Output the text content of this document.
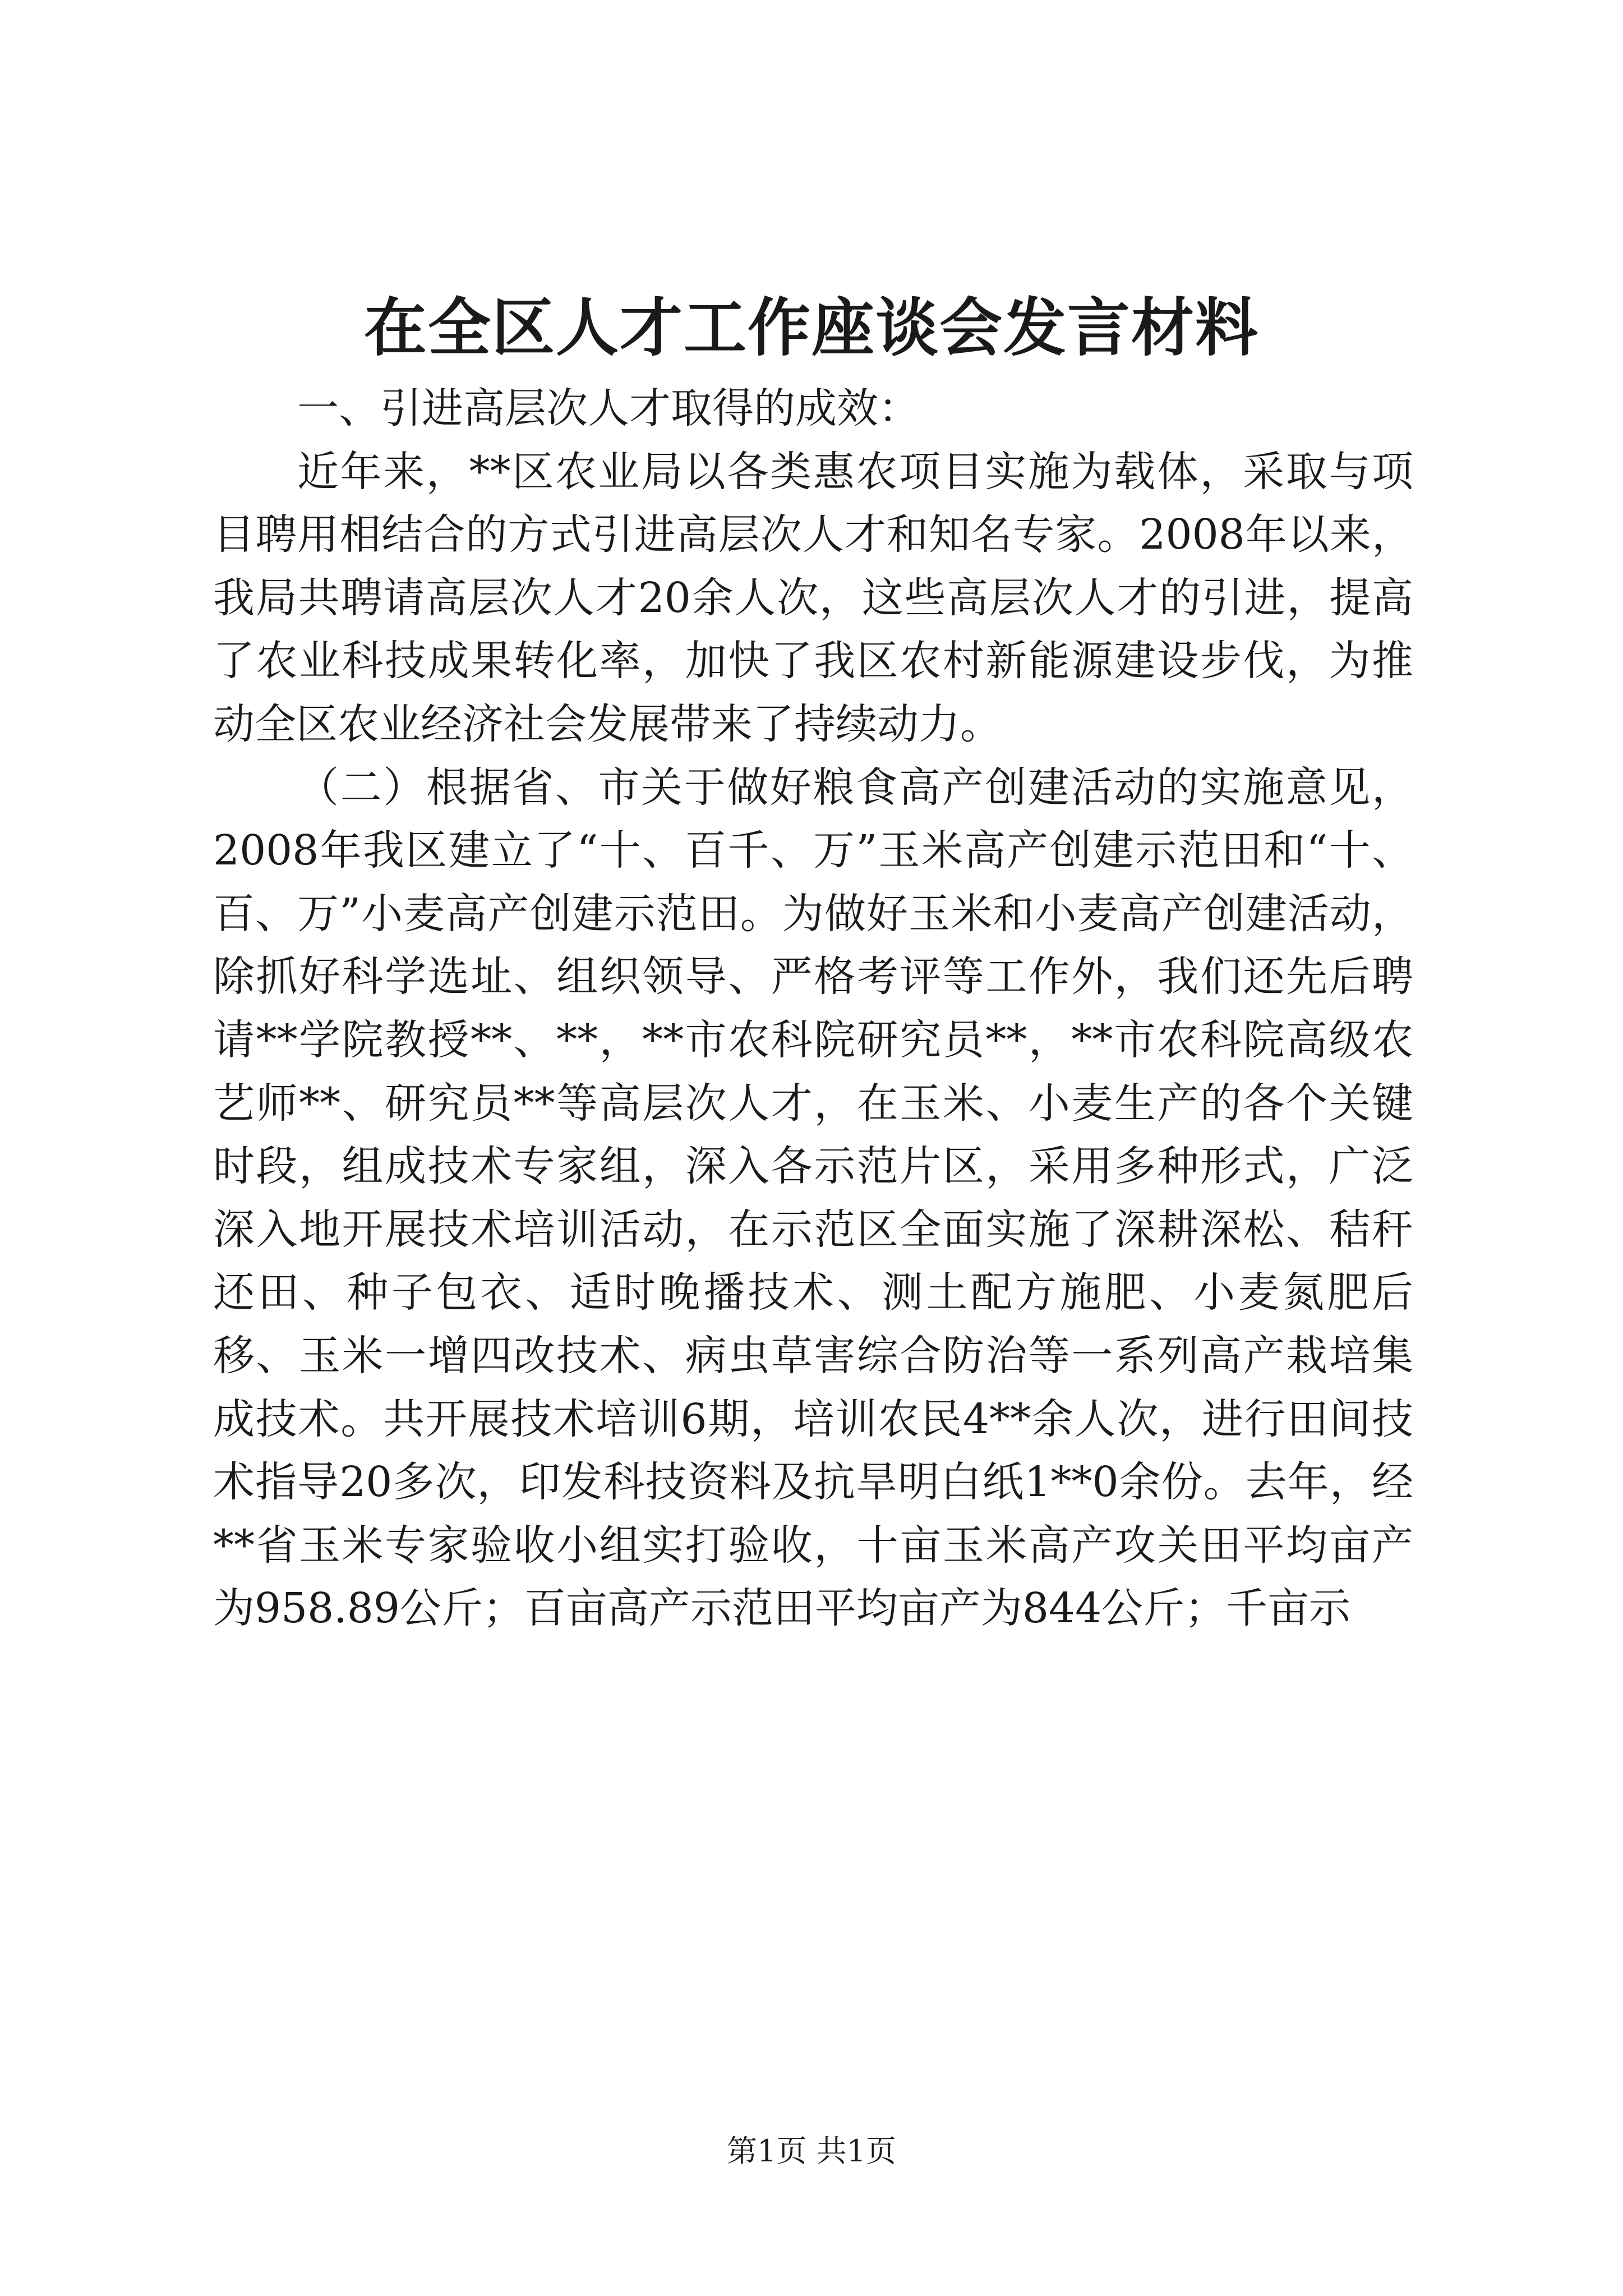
在全区人才工作座谈会发言材料

一、引进高层次人才取得的成效：

近年来，**区农业局以各类惠农项目实施为载体，采取与项目聘用相结合的方式引进高层次人才和知名专家。2008年以来，我局共聘请高层次人才20余人次，这些高层次人才的引进，提高了农业科技成果转化率，加快了我区农村新能源建设步伐，为推动全区农业经济社会发展带来了持续动力。

（二）根据省、市关于做好粮食高产创建活动的实施意见，2008年我区建立了“十、百千、万”玉米高产创建示范田和“十、百、万”小麦高产创建示范田。为做好玉米和小麦高产创建活动，除抓好科学选址、组织领导、严格考评等工作外，我们还先后聘请**学院教授**、**，**市农科院研究员**，**市农科院高级农艺师**、研究员**等高层次人才，在玉米、小麦生产的各个关键时段，组成技术专家组，深入各示范片区，采用多种形式，广泛深入地开展技术培训活动，在示范区全面实施了深耕深松、秸秆还田、种子包衣、适时晚播技术、测土配方施肥、小麦氮肥后移、玉米一增四改技术、病虫草害综合防治等一系列高产栽培集成技术。共开展技术培训6期，培训农民4**余人次，进行田间技术指导20多次，印发科技资料及抗旱明白纸1**0余份。去年，经**省玉米专家验收小组实打验收，十亩玉米高产攻关田平均亩产为958.89公斤；百亩高产示范田平均亩产为844公斤；千亩示

第1页 共1页
